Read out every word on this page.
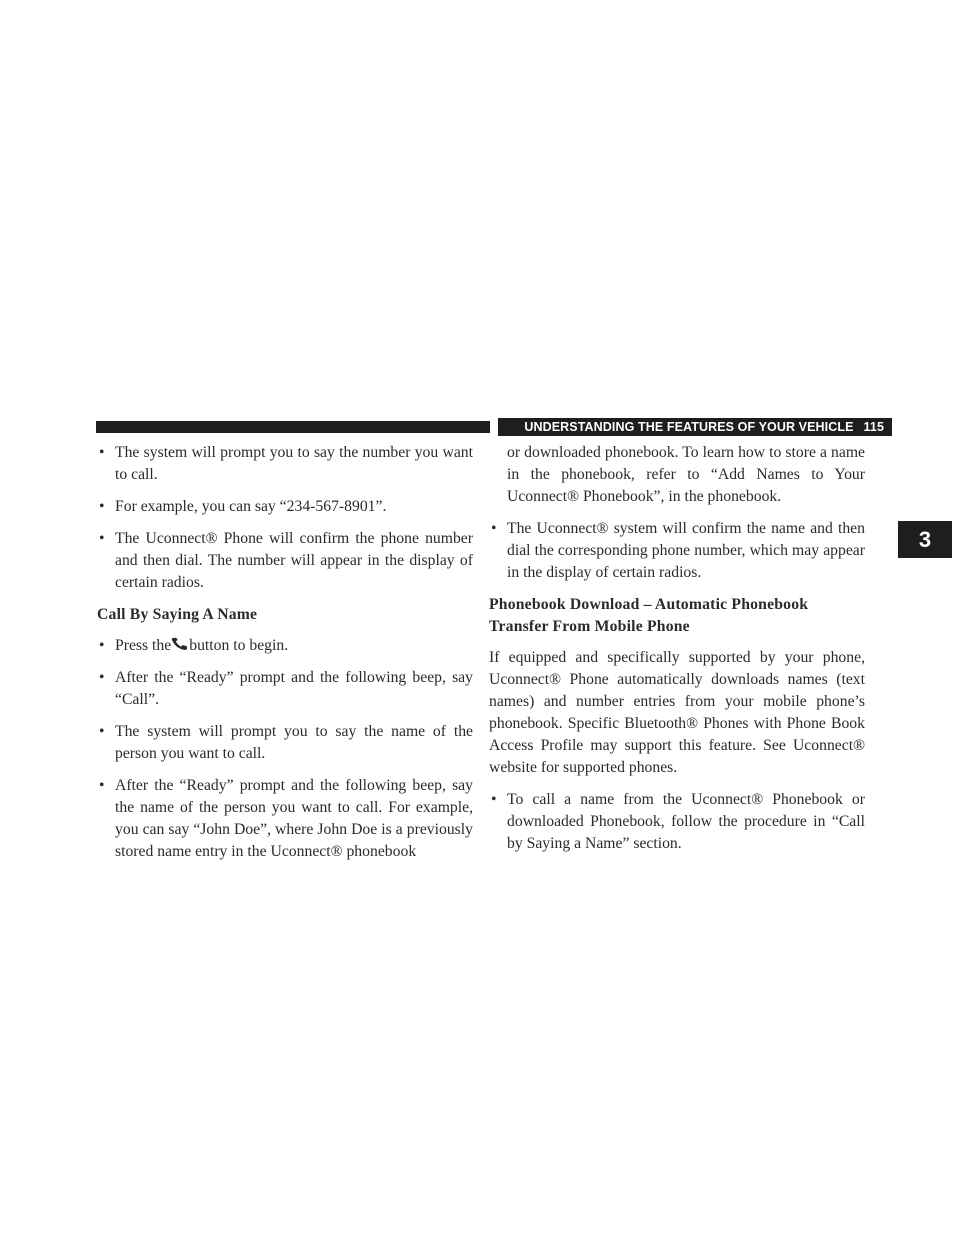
UNDERSTANDING THE FEATURES OF YOUR VEHICLE 115
3
• The system will prompt you to say the number you want to call.
• For example, you can say “234-567-8901”.
• The Uconnect® Phone will confirm the phone number and then dial. The number will appear in the display of certain radios.
Call By Saying A Name
• Press the button to begin.
• After the “Ready” prompt and the following beep, say “Call”.
• The system will prompt you to say the name of the person you want to call.
• After the “Ready” prompt and the following beep, say the name of the person you want to call. For example, you can say “John Doe”, where John Doe is a previously stored name entry in the Uconnect® phonebook
or downloaded phonebook. To learn how to store a name in the phonebook, refer to “Add Names to Your Uconnect® Phonebook”, in the phonebook.
• The Uconnect® system will confirm the name and then dial the corresponding phone number, which may appear in the display of certain radios.
Phonebook Download – Automatic Phonebook Transfer From Mobile Phone
If equipped and specifically supported by your phone, Uconnect® Phone automatically downloads names (text names) and number entries from your mobile phone’s phonebook. Specific Bluetooth® Phones with Phone Book Access Profile may support this feature. See Uconnect® website for supported phones.
• To call a name from the Uconnect® Phonebook or downloaded Phonebook, follow the procedure in “Call by Saying a Name” section.
